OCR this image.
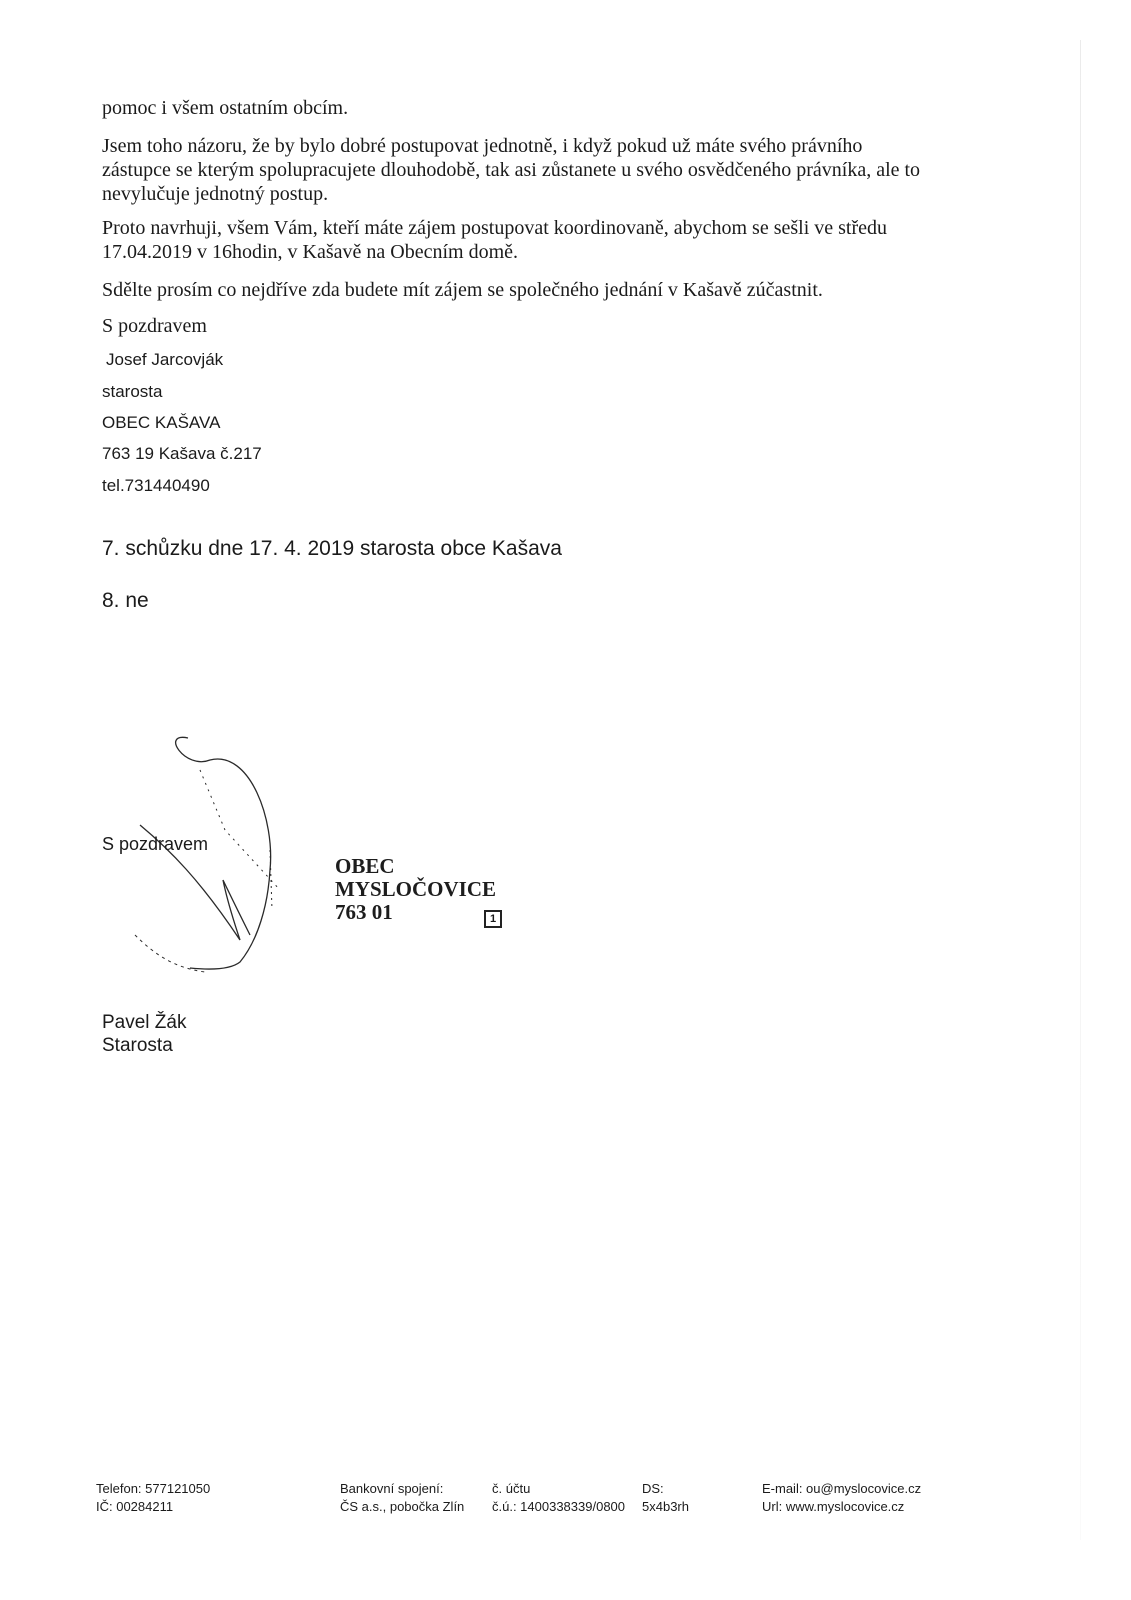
pomoc i všem ostatním obcím.

Jsem toho názoru, že by bylo dobré postupovat jednotně, i když pokud už máte svého právního
zástupce se kterým spolupracujete dlouhodobě, tak asi zůstanete u svého osvědčeného právníka, ale to
nevylučuje jednotný postup.

Proto navrhuji, všem Vám, kteří máte zájem postupovat koordinovaně, abychom se sešli ve středu
17.04.2019 v 16hodin, v Kašavě na Obecním domě.

Sdělte prosím co nejdříve zda budete mít zájem se společného jednání v Kašavě zúčastnit.

S pozdravem

Josef Jarcovják

starosta

OBEC KAŠAVA

763 19 Kašava č.217

tel.731440490

7. schůzku dne 17. 4. 2019 starosta obce Kašava

8. ne

S pozdravem

OBEC
MYSLOČOVICE
763 01	1

Pavel Žák

Starosta

Telefon: 577121050
IČ: 00284211
Bankovní spojení:
ČS a.s., pobočka Zlín
č. účtu
č.ú.: 1400338339/0800
DS:
5x4b3rh
E-mail: ou@myslocovice.cz
Url: www.myslocovice.cz
